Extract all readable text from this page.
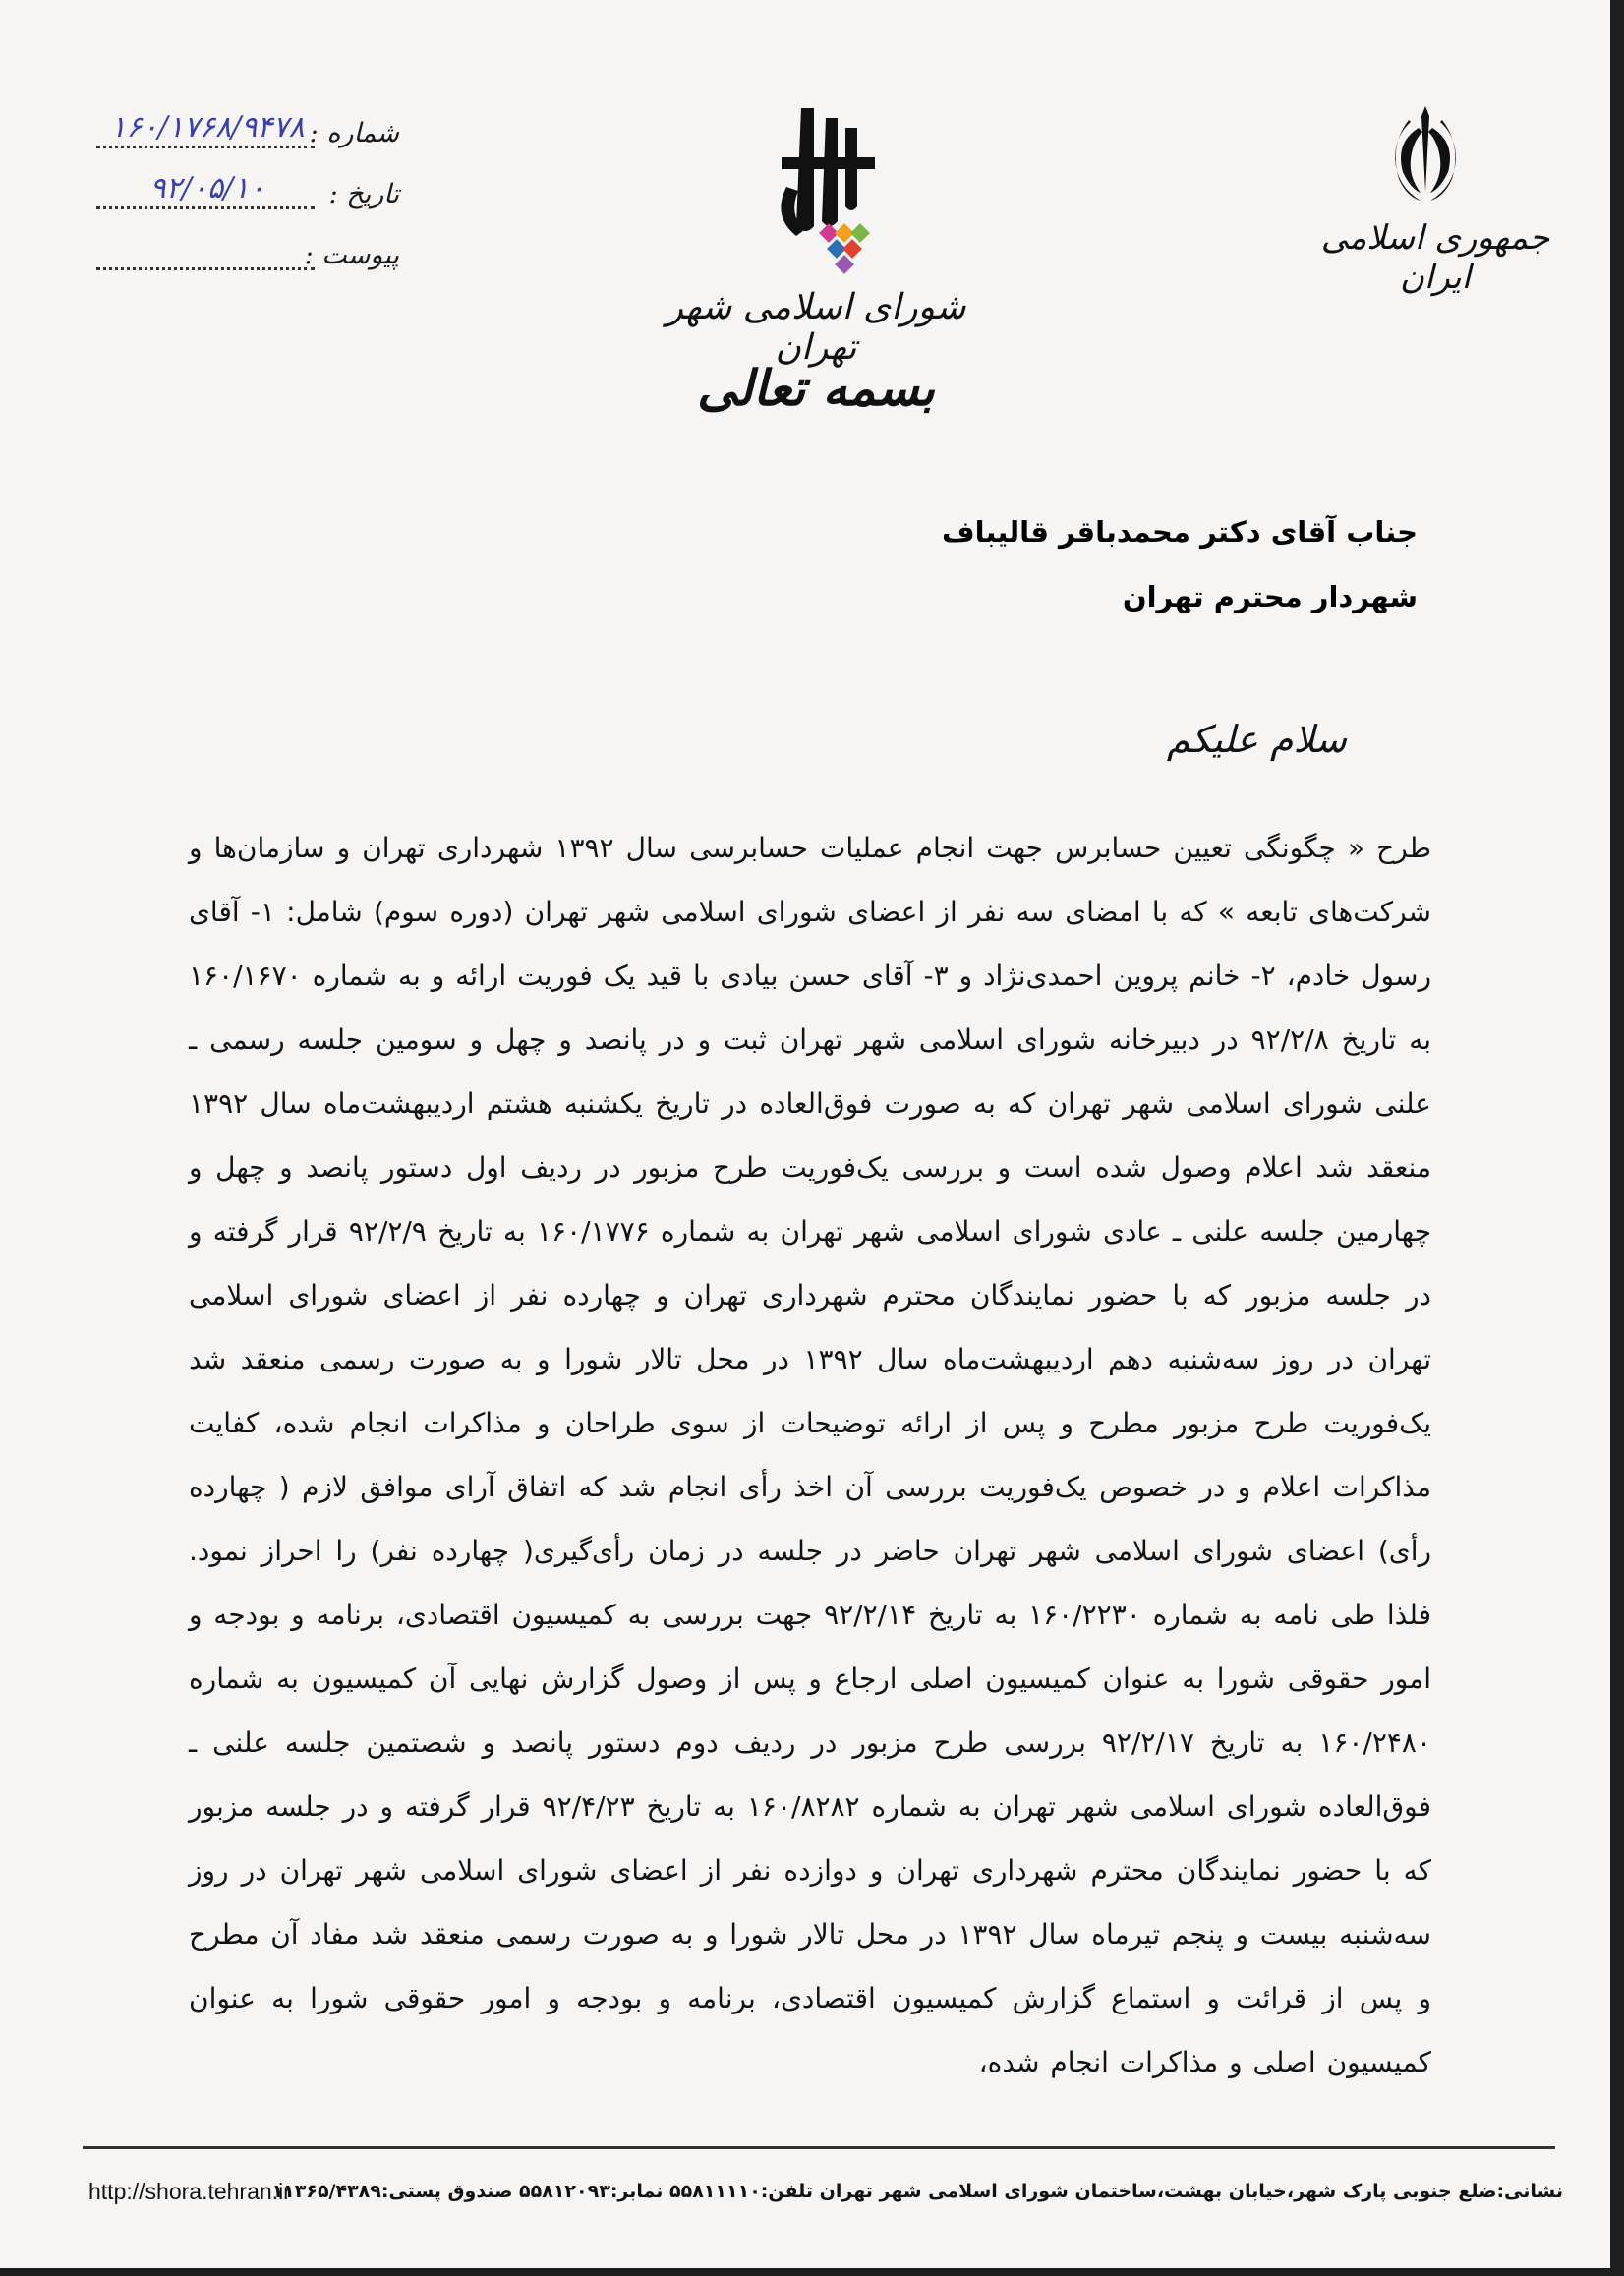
۱۶۰/۱۷۶۸/۹۴۷۸ شماره :
۹۲/۰۵/۱۰	تاریخ :
پیوست :
شورای اسلامی شهر تهران
بسمه تعالی
جمهوری اسلامی ایران
جناب آقای دکتر محمدباقر قالیباف
شهردار محترم تهران
سلام علیکم
طرح « چگونگی تعیین حسابرس جهت انجام عملیات حسابرسی سال ۱۳۹۲ شهرداری تهران و سازمان‌ها و شرکت‌های تابعه » که با امضای سه نفر از اعضای شورای اسلامی شهر تهران (دوره سوم) شامل: ۱- آقای رسول خادم، ۲- خانم پروین احمدی‌نژاد و ۳- آقای حسن بیادی با قید یک فوریت ارائه و به شماره ۱۶۰/۱۶۷۰ به تاریخ ۹۲/۲/۸ در دبیرخانه شورای اسلامی شهر تهران ثبت و در پانصد و چهل و سومین جلسه رسمی ـ علنی شورای اسلامی شهر تهران که به صورت فوق‌العاده در تاریخ یکشنبه هشتم اردیبهشت‌ماه سال ۱۳۹۲ منعقد شد اعلام وصول شده است و بررسی یک‌فوریت طرح مزبور در ردیف اول دستور پانصد و چهل و چهارمین جلسه علنی ـ عادی شورای اسلامی شهر تهران به شماره ۱۶۰/۱۷۷۶ به تاریخ ۹۲/۲/۹ قرار گرفته و در جلسه مزبور که با حضور نمایندگان محترم شهرداری تهران و چهارده نفر از اعضای شورای اسلامی تهران در روز سه‌شنبه دهم اردیبهشت‌ماه سال ۱۳۹۲ در محل تالار شورا و به صورت رسمی منعقد شد یک‌فوریت طرح مزبور مطرح و پس از ارائه توضیحات از سوی طراحان و مذاکرات انجام شده، کفایت مذاکرات اعلام و در خصوص یک‌فوریت بررسی آن اخذ رأی انجام شد که اتفاق آرای موافق لازم ( چهارده رأی) اعضای شورای اسلامی شهر تهران حاضر در جلسه در زمان رأی‌گیری( چهارده نفر) را احراز نمود. فلذا طی نامه به شماره ۱۶۰/۲۲۳۰ به تاریخ ۹۲/۲/۱۴ جهت بررسی به کمیسیون اقتصادی، برنامه و بودجه و امور حقوقی شورا به عنوان کمیسیون اصلی ارجاع و پس از وصول گزارش نهایی آن کمیسیون به شماره ۱۶۰/۲۴۸۰ به تاریخ ۹۲/۲/۱۷ بررسی طرح مزبور در ردیف دوم دستور پانصد و شصتمین جلسه علنی ـ فوق‌العاده شورای اسلامی شهر تهران به شماره ۱۶۰/۸۲۸۲ به تاریخ ۹۲/۴/۲۳ قرار گرفته و در جلسه مزبور که با حضور نمایندگان محترم شهرداری تهران و دوازده نفر از اعضای شورای اسلامی شهر تهران در روز سه‌شنبه بیست و پنجم تیرماه سال ۱۳۹۲ در محل تالار شورا و به صورت رسمی منعقد شد مفاد آن مطرح و پس از قرائت و استماع گزارش کمیسیون اقتصادی، برنامه و بودجه و امور حقوقی شورا به عنوان کمیسیون اصلی و مذاکرات انجام شده،
نشانی:ضلع جنوبی پارک شهر،خیابان بهشت،ساختمان شورای اسلامی شهر تهران تلفن:۵۵۸۱۱۱۱۰ نمابر:۵۵۸۱۲۰۹۳ صندوق پستی:۱۱۳۶۵/۴۳۸۹
http://shora.tehran.ir
